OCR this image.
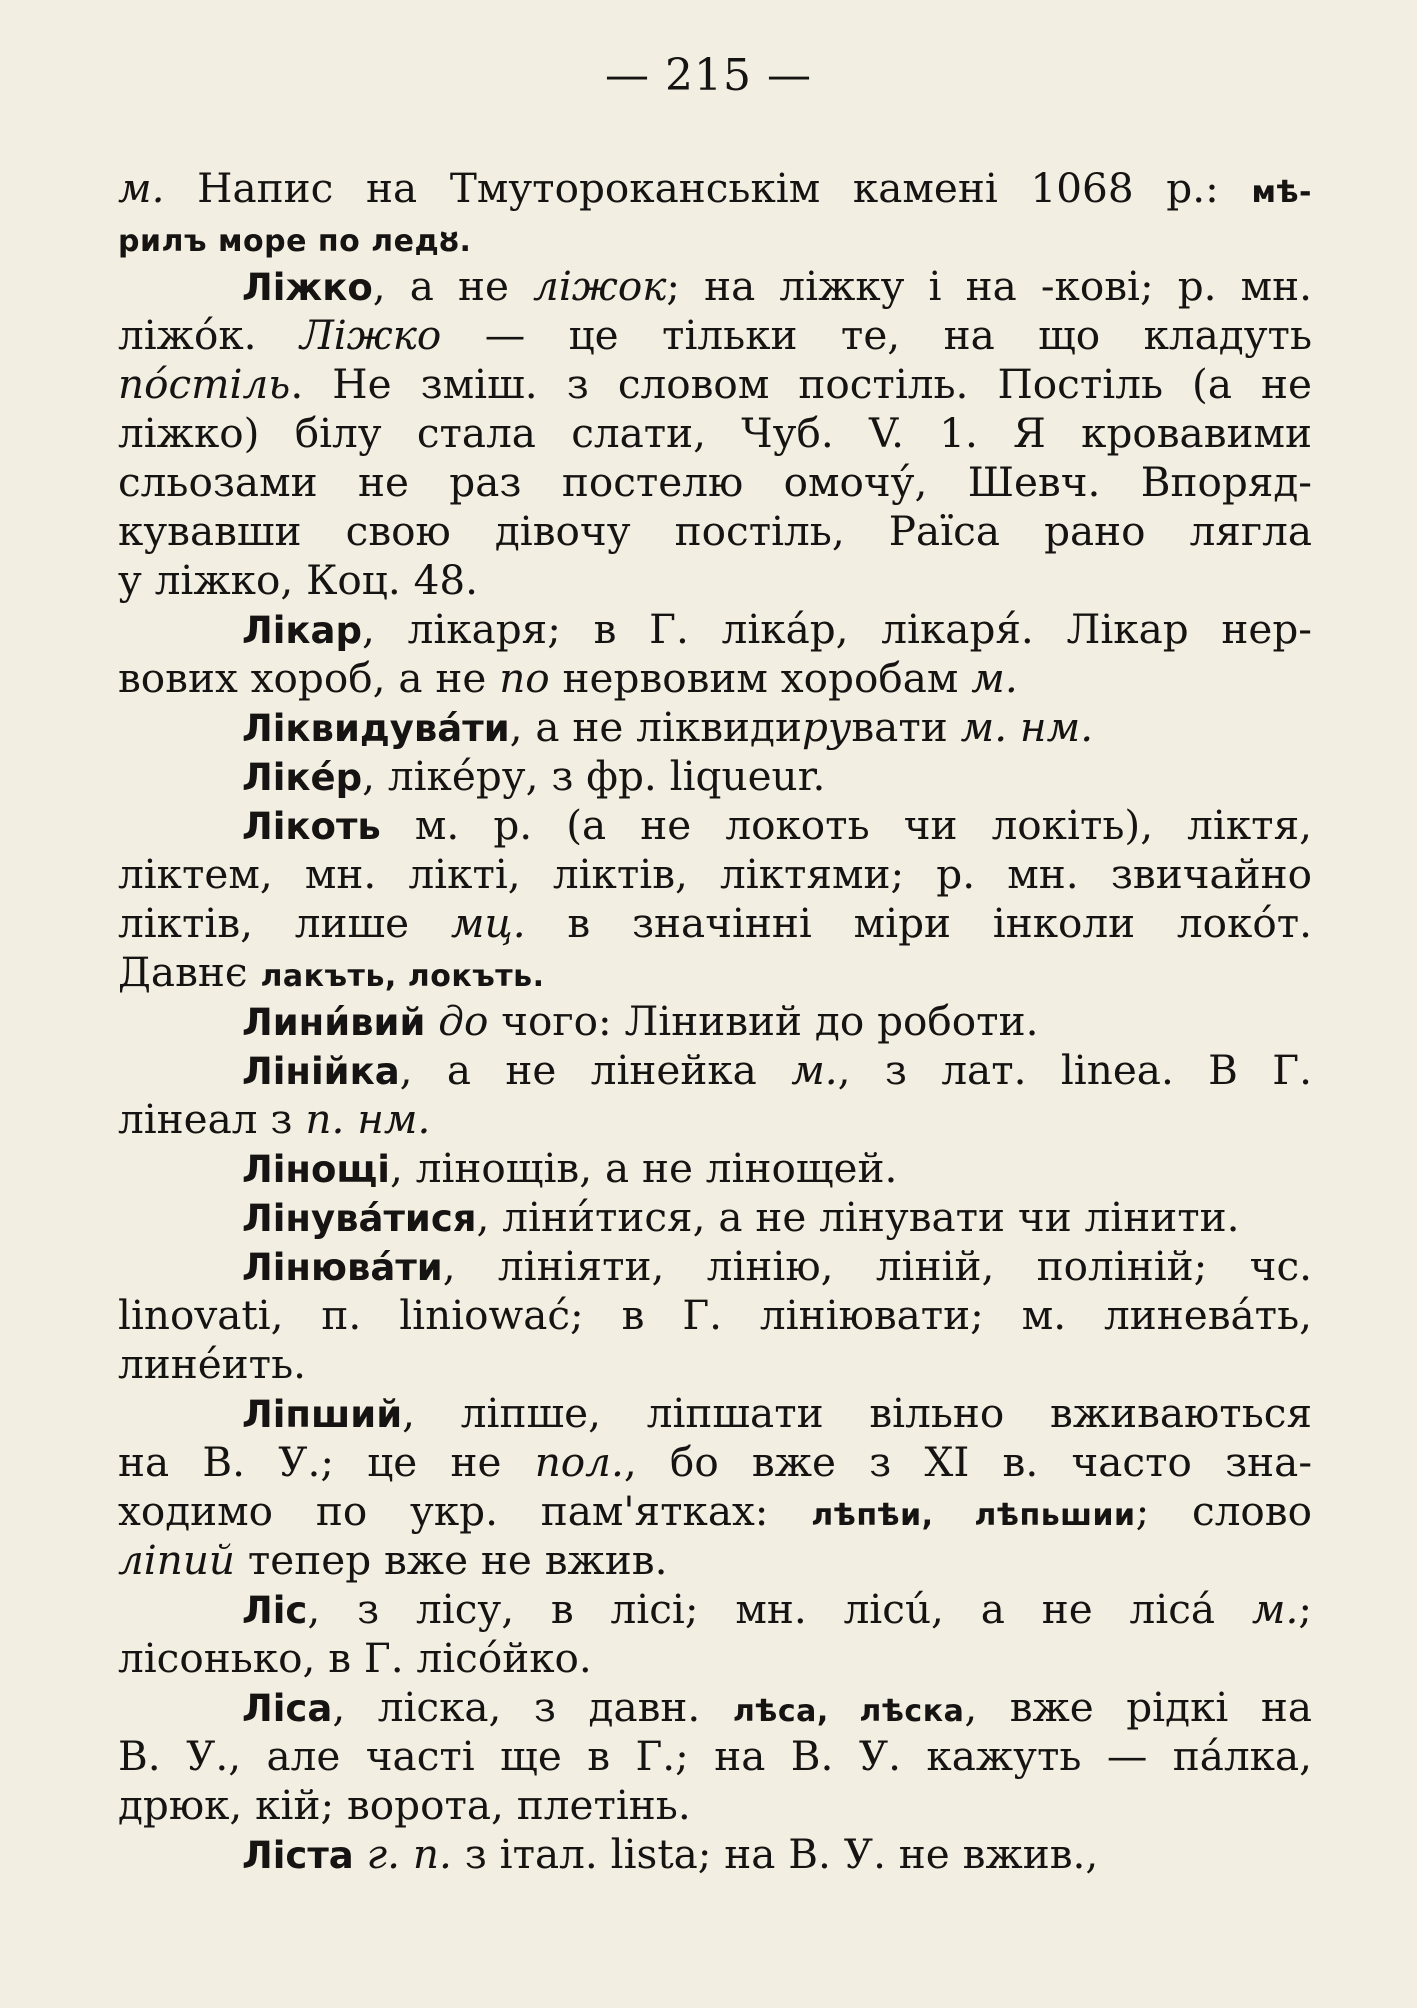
— 215 —
м. Напис на Тмутороканськім камені 1068 р.: мѣ-
рилъ море по ледȣ.
Ліжко, а не ліжок; на ліжку і на -кові; р. мн.
ліжо́к. Ліжко — це тільки те, на що кладуть
по́стіль. Не зміш. з словом постіль. Постіль (а не
ліжко) білу стала слати, Чуб. V. 1. Я кровавими
сльозами не раз постелю омочу́, Шевч. Впоряд-
кувавши свою дівочу постіль, Раїса рано лягла
у ліжко, Коц. 48.
Лікар, лікаря; в Г. ліка́р, лікаря́. Лікар нер-
вових хороб, а не по нервовим хоробам м.
Ліквидува́ти, а не ліквидирувати м. нм.
Ліке́р, ліке́ру, з фр. liqueur.
Лікоть м. р. (а не локоть чи локіть), ліктя,
ліктем, мн. лікті, ліктів, ліктями; р. мн. звичайно
ліктів, лише мц. в значінні міри інколи локо́т.
Давнє лакъть, локъть.
Лини́вий до чого: Лінивий до роботи.
Лінійка, а не лінейка м., з лат. linea. В Г.
лінеал з п. нм.
Лінощі, лінощів, а не лінощей.
Лінува́тися, ліни́тися, а не лінувати чи лінити.
Лінюва́ти, лініяти, лінію, ліній, поліній; чс.
linovati, п. liniować; в Г. лініювати; м. линева́ть,
лине́ить.
Ліпший, ліпше, ліпшати вільно вживаються
на В. У.; це не пол., бо вже з XI в. часто зна-
ходимо по укр. пам'ятках: лѣпѣи, лѣпьшии; слово
ліпий тепер вже не вжив.
Ліс, з лісу, в лісі; мн. лісú, а не ліса́ м.;
лісонько, в Г. лісо́йко.
Ліса, ліска, з давн. лѣса, лѣска, вже рідкі на
В. У., але часті ще в Г.; на В. У. кажуть — па́лка,
дрюк, кій; ворота, плетінь.
Ліста г. п. з італ. lista; на В. У. не вжив.,
